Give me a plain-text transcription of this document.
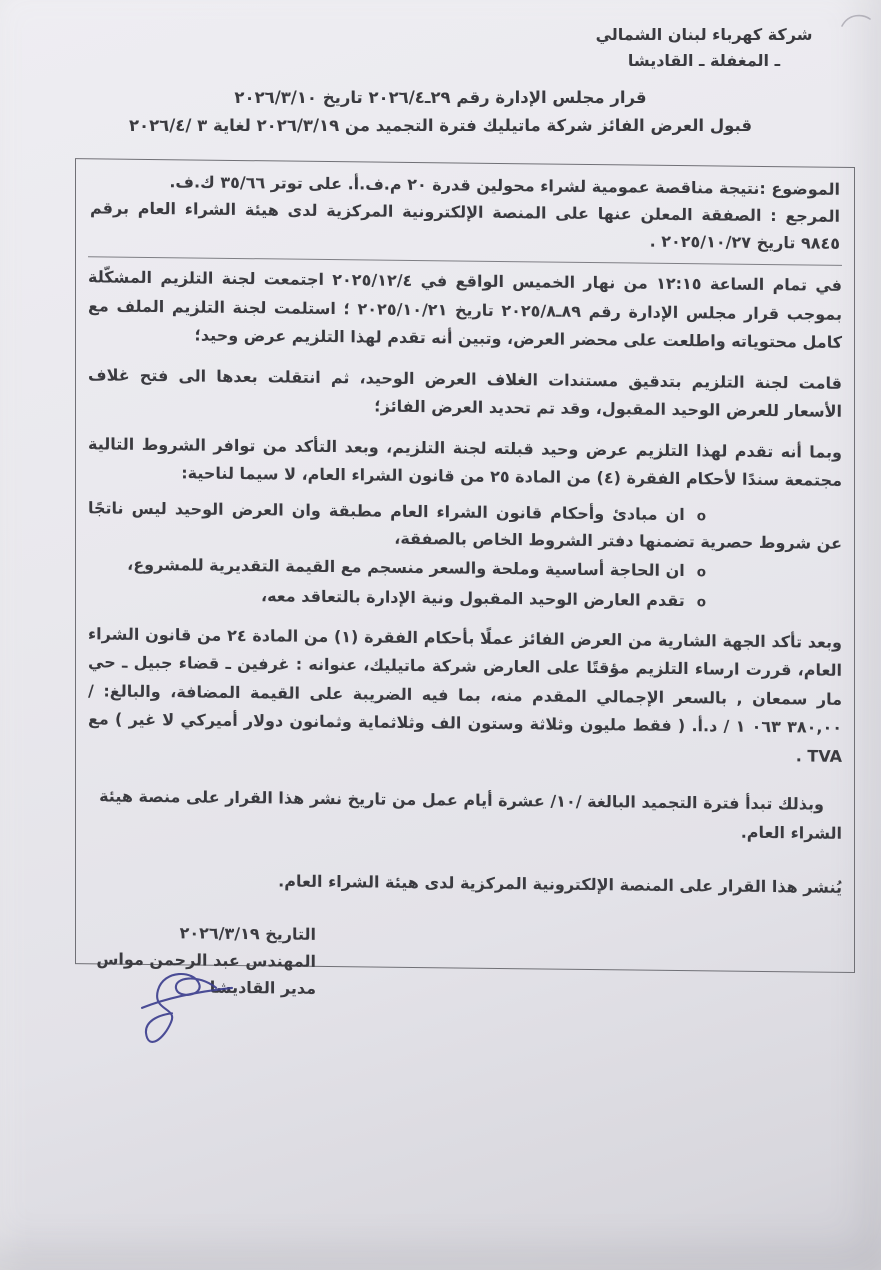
شركة كهرباء لبنان الشمالي
ـ المغفلة ـ القاديشا
قرار مجلس الإدارة رقم ٢٩ـ٢٠٢٦/٤ تاريخ ٢٠٢٦/٣/١٠
قبول العرض الفائز شركة ماتيليك فترة التجميد من ٢٠٢٦/٣/١٩ لغاية ٣ /٢٠٢٦/٤
الموضوع :نتيجة مناقصة عمومية لشراء محولين قدرة ٢٠ م.ف.أ. على توتر ٣٥/٦٦ ك.ف.
المرجع : الصفقة المعلن عنها على المنصة الإلكترونية المركزية لدى هيئة الشراء العام برقم ٩٨٤٥ تاريخ ٢٠٢٥/١٠/٢٧ .
في تمام الساعة ١٢:١٥ من نهار الخميس الواقع في ٢٠٢٥/١٢/٤ اجتمعت لجنة التلزيم المشكّلة بموجب قرار مجلس الإدارة رقم ٨٩ـ٢٠٢٥/٨ تاريخ ٢٠٢٥/١٠/٢١ ؛ استلمت لجنة التلزيم الملف مع كامل محتوياته واطلعت على محضر العرض، وتبين أنه تقدم لهذا التلزيم عرض وحيد؛
قامت لجنة التلزيم بتدقيق مستندات الغلاف العرض الوحيد، ثم انتقلت بعدها الى فتح غلاف الأسعار للعرض الوحيد المقبول، وقد تم تحديد العرض الفائز؛
وبما أنه تقدم لهذا التلزيم عرض وحيد قبلته لجنة التلزيم، وبعد التأكد من توافر الشروط التالية مجتمعة سندًا لأحكام الفقرة (٤) من المادة ٢٥ من قانون الشراء العام، لا سيما لناحية:
oان مبادئ وأحكام قانون الشراء العام مطبقة وان العرض الوحيد ليس ناتجًا عن شروط حصرية تضمنها دفتر الشروط الخاص بالصفقة،
oان الحاجة أساسية وملحة والسعر منسجم مع القيمة التقديرية للمشروع،
oتقدم العارض الوحيد المقبول ونية الإدارة بالتعاقد معه،
وبعد تأكد الجهة الشارية من العرض الفائز عملًا بأحكام الفقرة (١) من المادة ٢٤ من قانون الشراء العام، قررت ارساء التلزيم مؤقتًا على العارض شركة ماتيليك، عنوانه : غرفين ـ قضاء جبيل ـ حي مار سمعان , بالسعر الإجمالي المقدم منه، بما فيه الضريبة على القيمة المضافة، والبالغ: /١ ٠٦٣ ٣٨٠,٠٠ / د.أ. ( فقط مليون وثلاثة وستون الف وثلاثماية وثمانون دولار أميركي لا غير ) مع TVA .
وبذلك تبدأ فترة التجميد البالغة /١٠/ عشرة أيام عمل من تاريخ نشر هذا القرار على منصة هيئة الشراء العام.
يُنشر هذا القرار على المنصة الإلكترونية المركزية لدى هيئة الشراء العام.
التاريخ ٢٠٢٦/٣/١٩
المهندس عبد الرحمن مواس
مدير القاديشا
